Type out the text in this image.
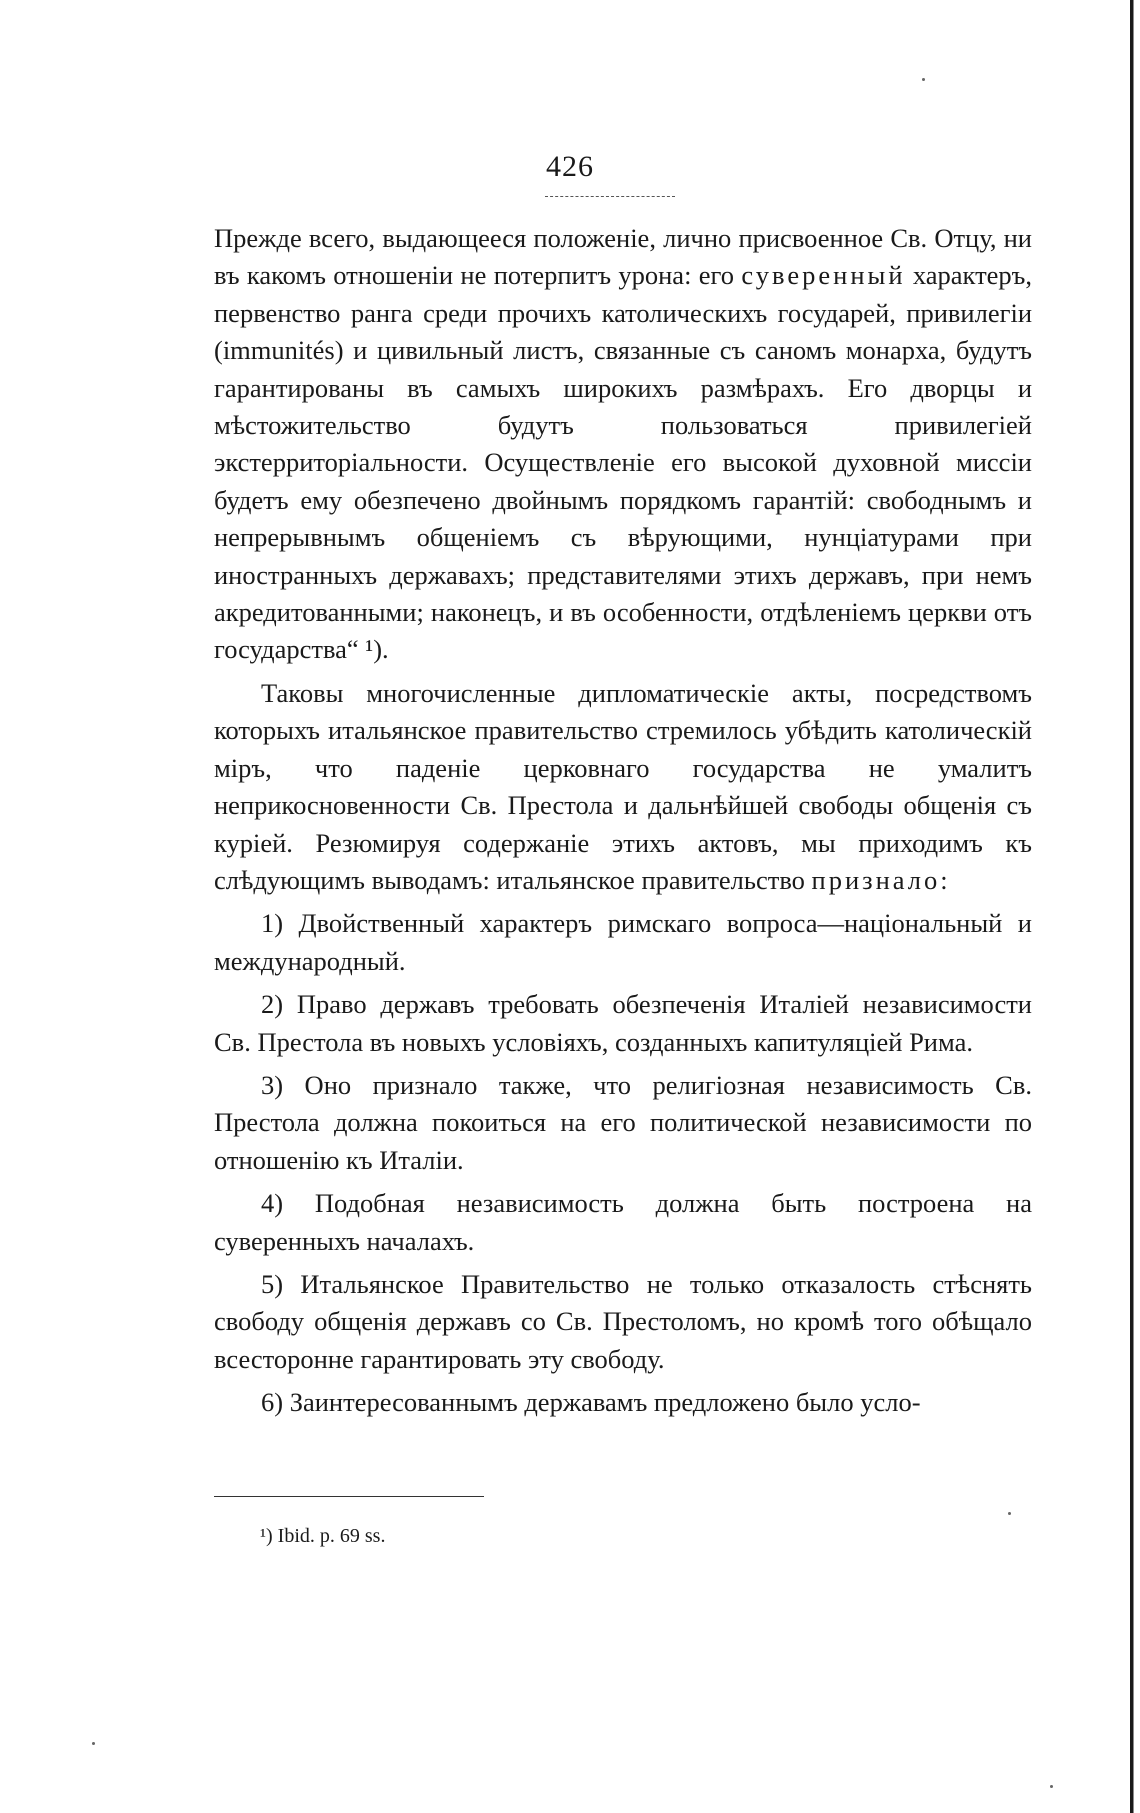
426

Прежде всего, выдающееся положенiе, лично присвоенное Св. Отцу, ни въ какомъ отношенiи не потерпитъ урона: его суверенный характеръ, первенство ранга среди прочихъ католическихъ государей, привилегiи (immunités) и цивильный листъ, связанные съ саномъ монарха, будутъ гарантированы въ самыхъ широкихъ размѣрахъ. Его дворцы и мѣстожительство будутъ пользоваться привилегiей экстерриторiальности. Осуществленiе его высокой духовной миссiи будетъ ему обезпечено двойнымъ порядкомъ гарантiй: свободнымъ и непрерывнымъ общенiемъ съ вѣрующими, нунцiатурами при иностранныхъ державахъ; представителями этихъ державъ, при немъ акредитованными; наконецъ, и въ особенности, отдѣленiемъ церкви отъ государства“ ¹).

Таковы многочисленные дипломатическiе акты, посредствомъ которыхъ итальянское правительство стремилось убѣдить католическiй мiръ, что паденiе церковнаго государства не умалитъ неприкосновенности Св. Престола и дальнѣйшей свободы общенiя съ курiей. Резюмируя содержанiе этихъ актовъ, мы приходимъ къ слѣдующимъ выводамъ: итальянское правительство признало:

1) Двойственный характеръ римскаго вопроса—нацiональный и международный.

2) Право державъ требовать обезпеченiя Италiей независимости Св. Престола въ новыхъ условiяхъ, созданныхъ капитуляцiей Рима.

3) Оно признало также, что религiозная независимость Св. Престола должна покоиться на его политической независимости по отношенiю къ Италiи.

4) Подобная независимость должна быть построена на суверенныхъ началахъ.

5) Итальянское Правительство не только отказалость стѣснять свободу общенiя державъ со Св. Престоломъ, но кромѣ того обѣщало всесторонне гарантировать эту свободу.

6) Заинтересованнымъ державамъ предложено было усло-

¹) Ibid. p. 69 ss.
